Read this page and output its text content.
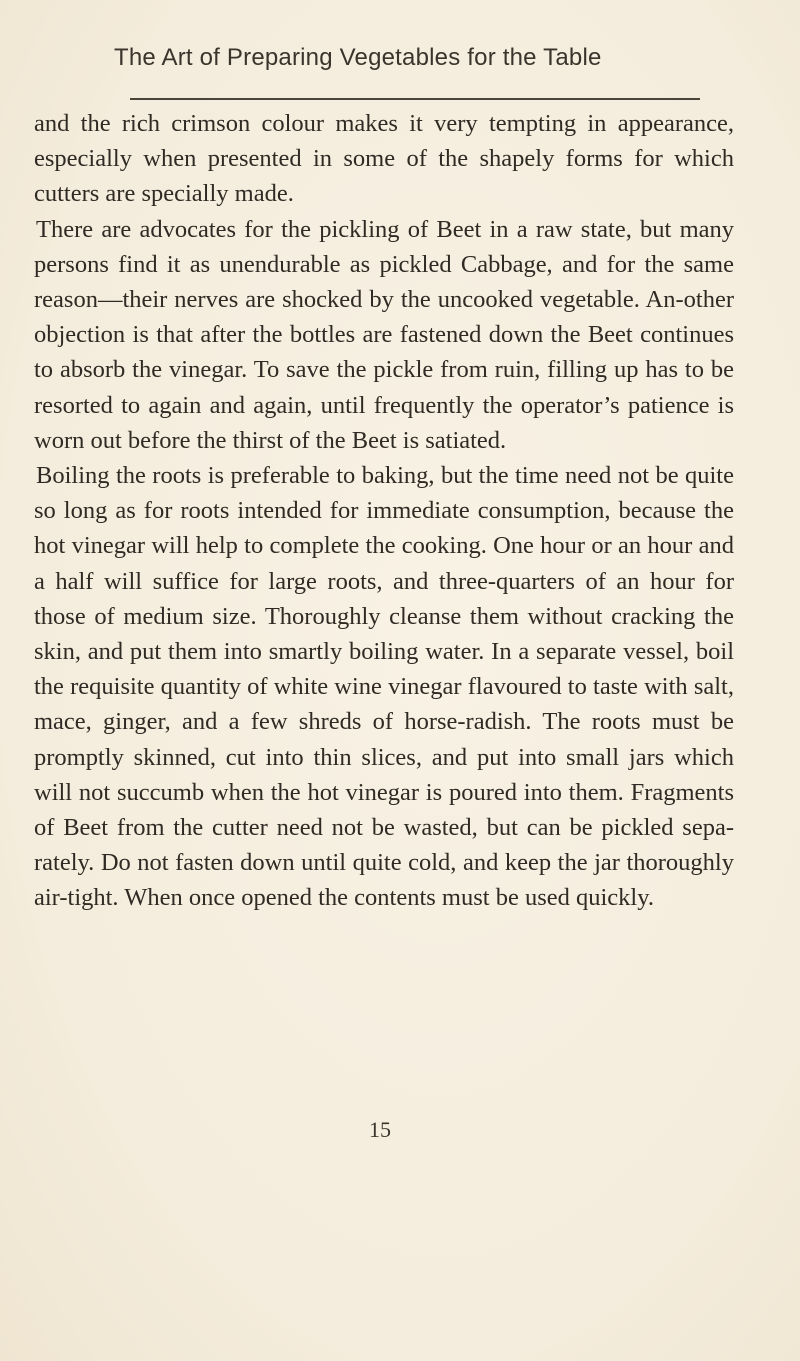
The Art of Preparing Vegetables for the Table

and the rich crimson colour makes it very tempting in appearance, especially when presented in some of the shapely forms for which cutters are specially made.

There are advocates for the pickling of Beet in a raw state, but many persons find it as unendurable as pickled Cabbage, and for the same reason—their nerves are shocked by the uncooked vegetable. An-other objection is that after the bottles are fastened down the Beet continues to absorb the vinegar. To save the pickle from ruin, filling up has to be resorted to again and again, until frequently the operator’s patience is worn out before the thirst of the Beet is satiated.

Boiling the roots is preferable to baking, but the time need not be quite so long as for roots intended for immediate consumption, because the hot vinegar will help to complete the cooking. One hour or an hour and a half will suffice for large roots, and three-quarters of an hour for those of medium size. Thoroughly cleanse them without cracking the skin, and put them into smartly boiling water. In a separate vessel, boil the requisite quantity of white wine vinegar flavoured to taste with salt, mace, ginger, and a few shreds of horse-radish. The roots must be promptly skinned, cut into thin slices, and put into small jars which will not succumb when the hot vinegar is poured into them. Fragments of Beet from the cutter need not be wasted, but can be pickled sepa-rately. Do not fasten down until quite cold, and keep the jar thoroughly air-tight. When once opened the contents must be used quickly.

15
